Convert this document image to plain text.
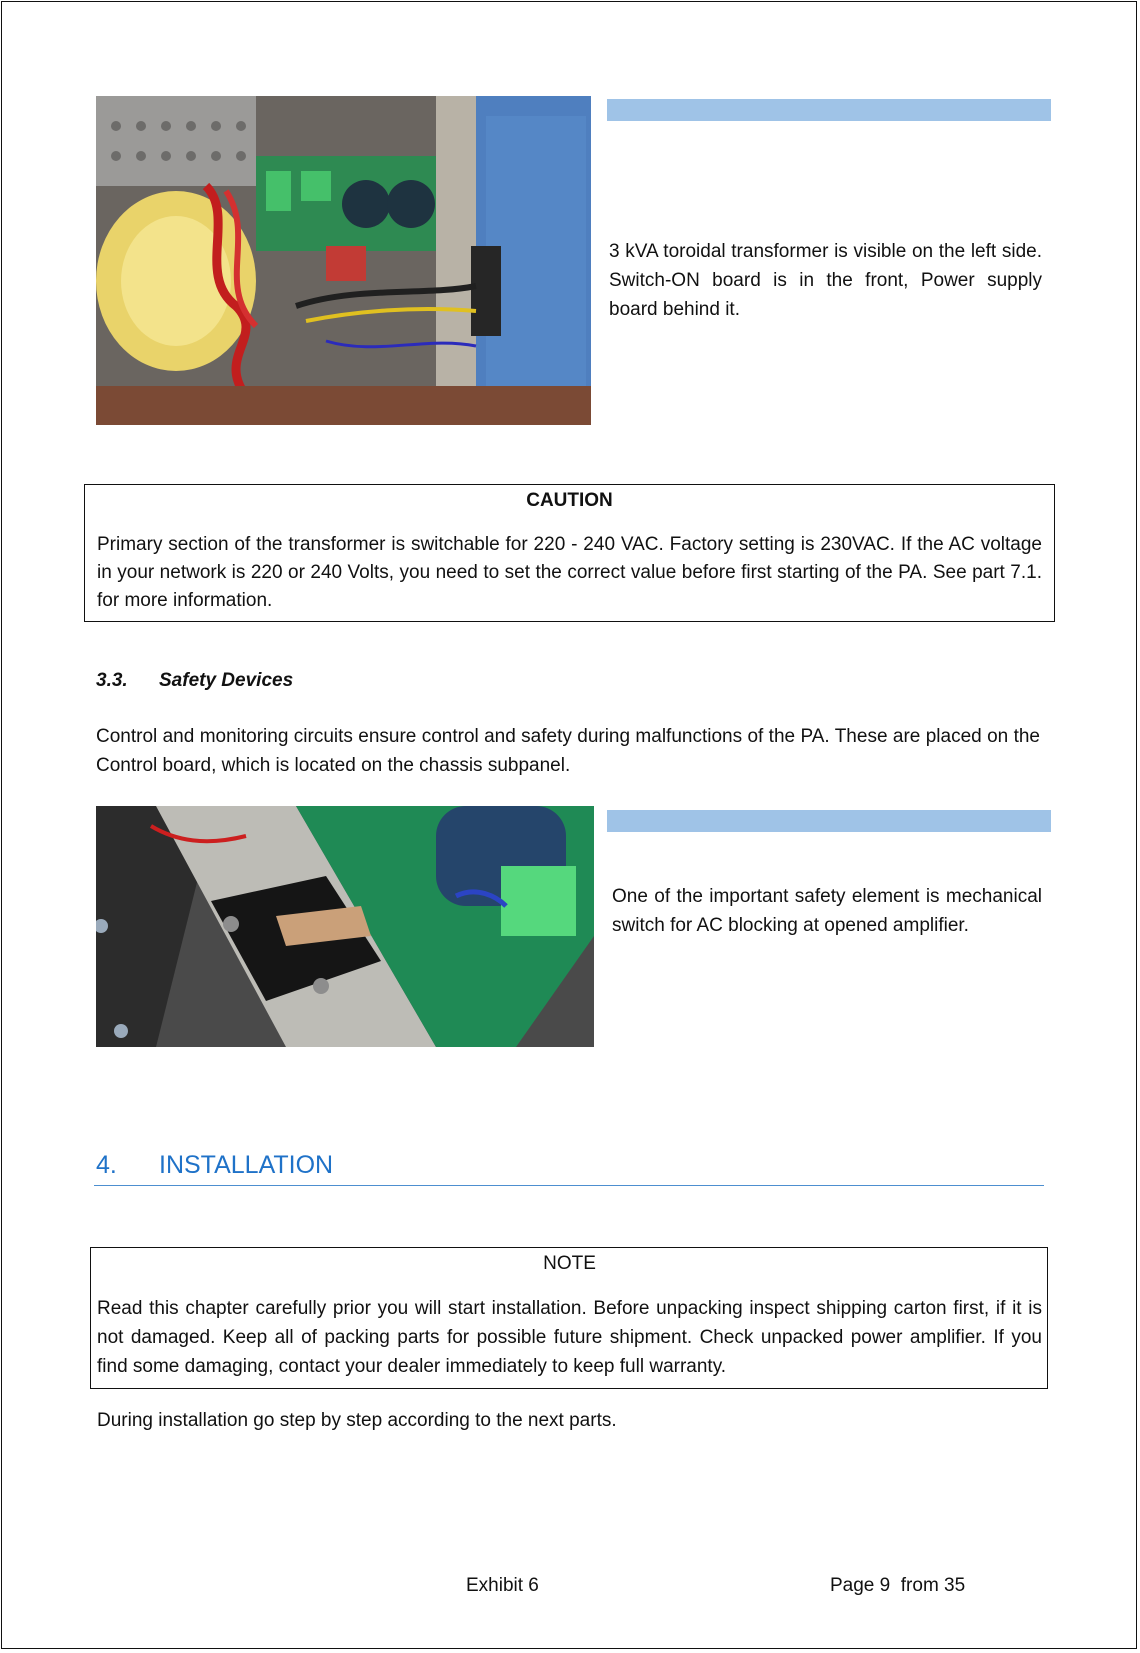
3 kVA toroidal transformer is visible on the left side. Switch-ON board is in the front, Power supply board behind it.
CAUTION
Primary section of the transformer is switchable for 220 - 240 VAC. Factory setting is 230VAC. If the AC voltage in your network is 220 or 240 Volts, you need to set the correct value before first starting of the PA. See part 7.1. for more information.
3.3. Safety Devices
Control and monitoring circuits ensure control and safety during malfunctions of the PA. These are placed on the Control board, which is located on the chassis subpanel.
One of the important safety element is mechanical switch for AC blocking at opened amplifier.
4. INSTALLATION
NOTE
Read this chapter carefully prior you will start installation. Before unpacking inspect shipping carton first, if it is not damaged. Keep all of packing parts for possible future shipment. Check unpacked power amplifier. If you find some damaging, contact your dealer immediately to keep full warranty.
During installation go step by step according to the next parts.
Exhibit 6	Page 9  from 35
